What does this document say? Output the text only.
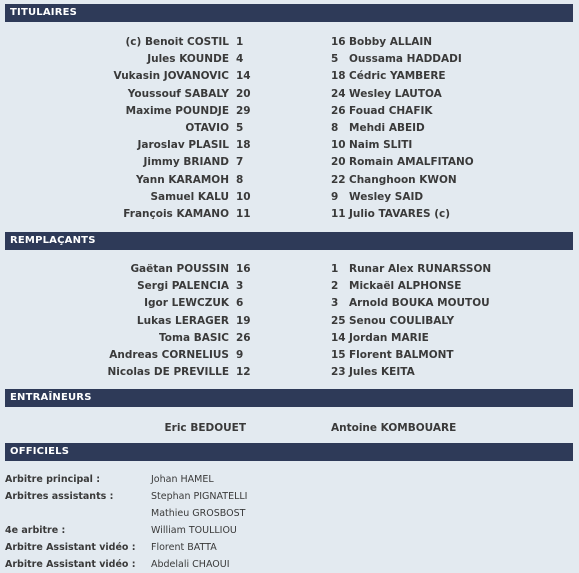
TITULAIRES
(c) Benoit COSTIL 1	16 Bobby ALLAIN
Jules KOUNDE 4	5	Oussama HADDADI
Vukasin JOVANOVIC 14	18 Cédric YAMBERE
Youssouf SABALY 20	24 Wesley LAUTOA
Maxime POUNDJE 29	26 Fouad CHAFIK
OTAVIO 5	8	Mehdi ABEID
Jaroslav PLASIL 18	10 Naim SLITI
Jimmy BRIAND 7	20 Romain AMALFITANO
Yann KARAMOH 8	22 Changhoon KWON
Samuel KALU 10	9	Wesley SAID
François KAMANO 11	11 Julio TAVARES (c)
REMPLAÇANTS
Gaëtan POUSSIN 16	1	Runar Alex RUNARSSON
Sergi PALENCIA 3	2	Mickaël ALPHONSE
Igor LEWCZUK 6	3	Arnold BOUKA MOUTOU
Lukas LERAGER 19	25 Senou COULIBALY
Toma BASIC 26	14 Jordan MARIE
Andreas CORNELIUS 9	15 Florent BALMONT
Nicolas DE PREVILLE 12	23 Jules KEITA
ENTRAÎNEURS
Eric BEDOUET	Antoine KOMBOUARE
OFFICIELS
Arbitre principal :	Johan HAMEL
Arbitres assistants :	Stephan PIGNATELLI
Mathieu GROSBOST
4e arbitre :	William TOULLIOU
Arbitre Assistant vidéo : Florent BATTA
Arbitre Assistant vidéo : Abdelali CHAOUI
